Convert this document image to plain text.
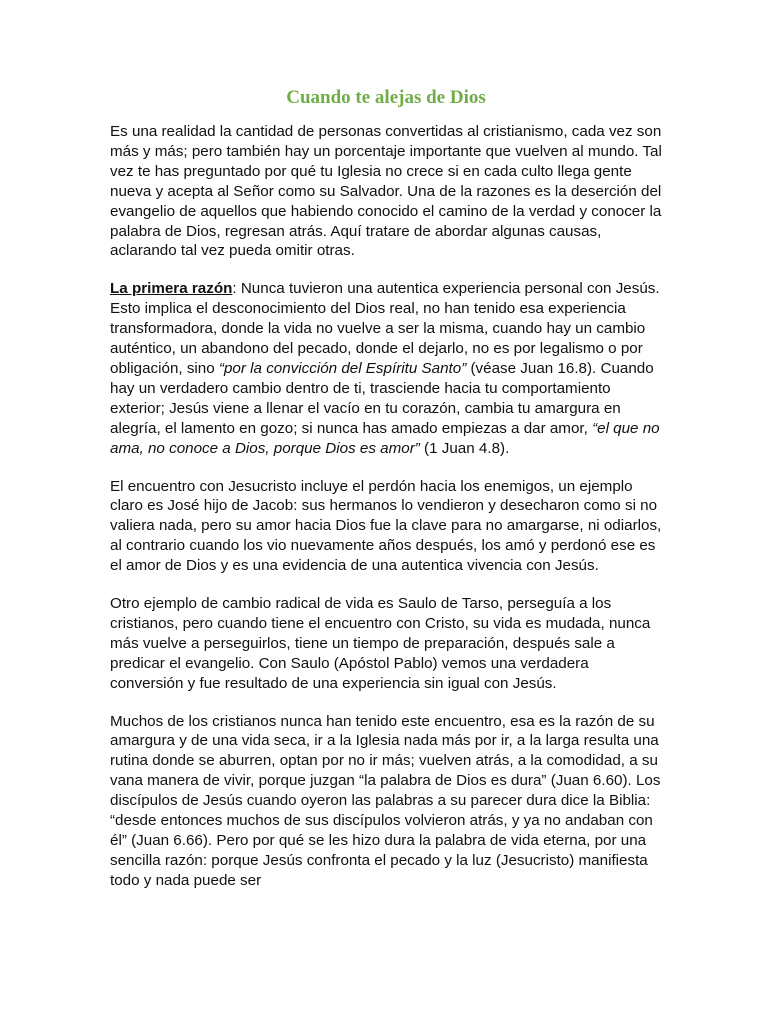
Cuando te alejas de Dios

Es una realidad la cantidad de personas convertidas al cristianismo, cada vez son más y más; pero también hay un porcentaje importante que vuelven al mundo. Tal vez te has preguntado por qué tu Iglesia no crece si en cada culto llega gente nueva y acepta al Señor como su Salvador. Una de la razones es la deserción del evangelio de aquellos que habiendo conocido el camino de la verdad y conocer la palabra de Dios, regresan atrás. Aquí tratare de abordar algunas causas, aclarando tal vez pueda omitir otras.

La primera razón: Nunca tuvieron una autentica experiencia personal con Jesús. Esto implica el desconocimiento del Dios real, no han tenido esa experiencia transformadora, donde la vida no vuelve a ser la misma, cuando hay un cambio auténtico, un abandono del pecado, donde el dejarlo, no es por legalismo o por obligación, sino “por la convicción del Espíritu Santo” (véase Juan 16.8). Cuando hay un verdadero cambio dentro de ti, trasciende hacia tu comportamiento exterior; Jesús viene a llenar el vacío en tu corazón, cambia tu amargura en alegría, el lamento en gozo; si nunca has amado empiezas a dar amor, “el que no ama, no conoce a Dios, porque Dios es amor” (1 Juan 4.8).

El encuentro con Jesucristo incluye el perdón hacia los enemigos, un ejemplo claro es José hijo de Jacob: sus hermanos lo vendieron y desecharon como si no valiera nada, pero su amor hacia Dios fue la clave para no amargarse, ni odiarlos, al contrario cuando los vio nuevamente años después, los amó y perdonó ese es el amor de Dios y es una evidencia de una autentica vivencia con Jesús.

Otro ejemplo de cambio radical de vida es Saulo de Tarso, perseguía a los cristianos, pero cuando tiene el encuentro con Cristo, su vida es mudada, nunca más vuelve a perseguirlos, tiene un tiempo de preparación, después sale a predicar el evangelio. Con Saulo (Apóstol Pablo) vemos una verdadera conversión y fue resultado de una experiencia sin igual con Jesús.

Muchos de los cristianos nunca han tenido este encuentro, esa es la razón de su amargura y de una vida seca, ir a la Iglesia nada más por ir, a la larga resulta una rutina donde se aburren, optan por no ir más; vuelven atrás, a la comodidad, a su vana manera de vivir, porque juzgan “la palabra de Dios es dura” (Juan 6.60). Los discípulos de Jesús cuando oyeron las palabras a su parecer dura dice la Biblia: “desde entonces muchos de sus discípulos volvieron atrás, y ya no andaban con él” (Juan 6.66). Pero por qué se les hizo dura la palabra de vida eterna, por una sencilla razón: porque Jesús confronta el pecado y la luz (Jesucristo) manifiesta todo y nada puede ser
